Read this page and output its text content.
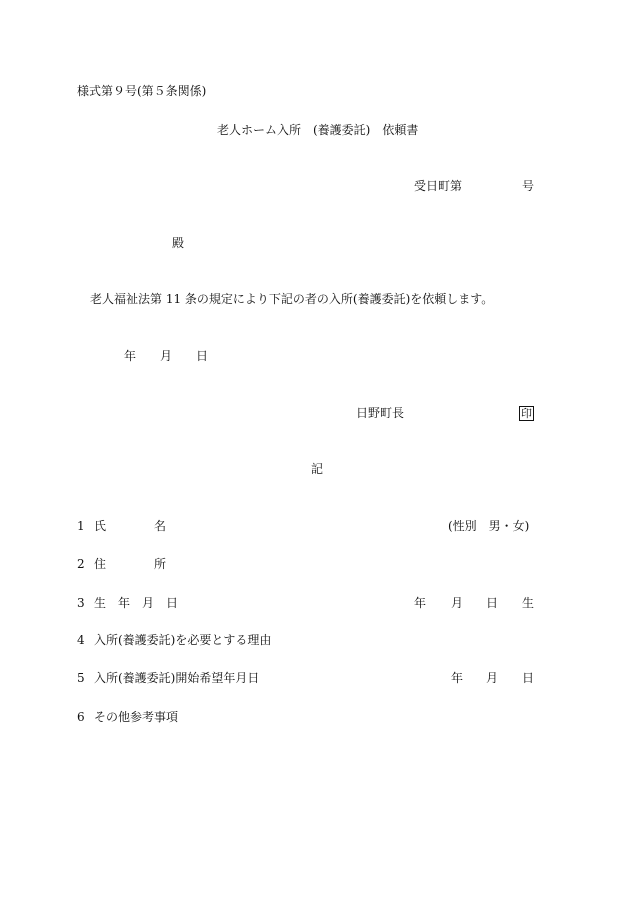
様式第９号(第５条関係)
老人ホーム入所　(養護委託)　依頼書
受日町第	号
殿
老人福祉法第 11 条の規定により下記の者の入所(養護委託)を依頼します。
年 月 日
日野町長	印
記
1 氏　　　　名	(性別　男・女)
2 住　　　　所
3 生　年　月　日	年 月 日 生
4 入所(養護委託)を必要とする理由
5 入所(養護委託)開始希望年月日	年 月 日
6 その他参考事項
